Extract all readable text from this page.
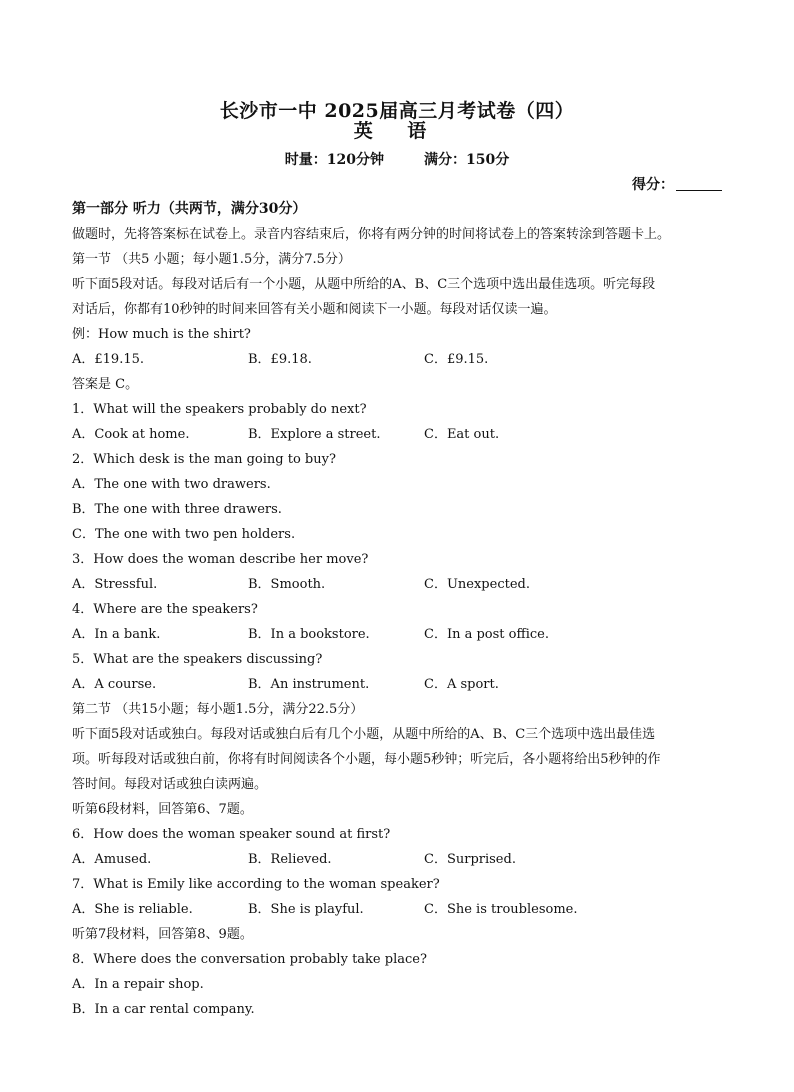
长沙市一中 2025届高三月考试卷（四）
英 语
时量：120分钟	满分：150分
得分：
第一部分 听力（共两节，满分30分）
做题时，先将答案标在试卷上。录音内容结束后，你将有两分钟的时间将试卷上的答案转涂到答题卡上。
第一节 （共5 小题；每小题1.5分，满分7.5分）
听下面5段对话。每段对话后有一个小题，从题中所给的A、B、C三个选项中选出最佳选项。听完每段
对话后，你都有10秒钟的时间来回答有关小题和阅读下一小题。每段对话仅读一遍。
例：How much is the shirt?
A．£19.15.	B．£9.18.	C．£9.15.
答案是 C。
1．What will the speakers probably do next?
A．Cook at home.	B．Explore a street.	C．Eat out.
2．Which desk is the man going to buy?
A．The one with two drawers.
B．The one with three drawers.
C．The one with two pen holders.
3．How does the woman describe her move?
A．Stressful.	B．Smooth.	C．Unexpected.
4．Where are the speakers?
A．In a bank.	B．In a bookstore.	C．In a post office.
5．What are the speakers discussing?
A．A course.	B．An instrument.	C．A sport.
第二节 （共15小题；每小题1.5分，满分22.5分）
听下面5段对话或独白。每段对话或独白后有几个小题，从题中所给的A、B、C三个选项中选出最佳选
项。听每段对话或独白前，你将有时间阅读各个小题，每小题5秒钟；听完后，各小题将给出5秒钟的作
答时间。每段对话或独白读两遍。
听第6段材料，回答第6、7题。
6．How does the woman speaker sound at first?
A．Amused.	B．Relieved.	C．Surprised.
7．What is Emily like according to the woman speaker?
A．She is reliable.	B．She is playful.	C．She is troublesome.
听第7段材料，回答第8、9题。
8．Where does the conversation probably take place?
A．In a repair shop.
B．In a car rental company.
